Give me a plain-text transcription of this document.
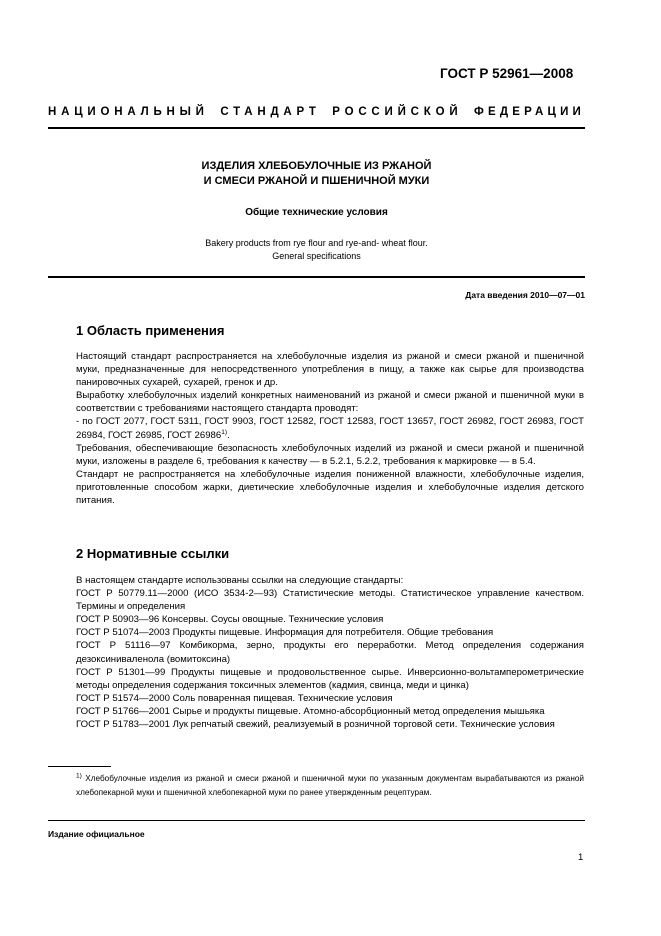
ГОСТ Р 52961—2008
НАЦИОНАЛЬНЫЙ СТАНДАРТ РОССИЙСКОЙ ФЕДЕРАЦИИ
ИЗДЕЛИЯ ХЛЕБОБУЛОЧНЫЕ ИЗ РЖАНОЙ
И СМЕСИ РЖАНОЙ И ПШЕНИЧНОЙ МУКИ
Общие технические условия
Bakery products from rye flour and rye-and- wheat flour.
General specifications
Дата введения 2010—07—01
1 Область применения

Настоящий стандарт распространяется на хлебобулочные изделия из ржаной и смеси ржаной и пшеничной муки, предназначенные для непосредственного употребления в пищу, а также как сырье для производства панировочных сухарей, сухарей, гренок и др.

Выработку хлебобулочных изделий конкретных наименований из ржаной и смеси ржаной и пшеничной муки в соответствии с требованиями настоящего стандарта проводят:

- по ГОСТ 2077, ГОСТ 5311, ГОСТ 9903, ГОСТ 12582, ГОСТ 12583, ГОСТ 13657, ГОСТ 26982, ГОСТ 26983, ГОСТ 26984, ГОСТ 26985, ГОСТ 26986$^{1)}$.

Требования, обеспечивающие безопасность хлебобулочных изделий из ржаной и смеси ржаной и пшеничной муки, изложены в разделе 6, требования к качеству — в 5.2.1, 5.2.2, требования к маркировке — в 5.4.

Стандарт не распространяется на хлебобулочные изделия пониженной влажности, хлебобулочные изделия, приготовленные способом жарки, диетические хлебобулочные изделия и хлебобулочные изделия детского питания.

2 Нормативные ссылки

В настоящем стандарте использованы ссылки на следующие стандарты:

ГОСТ Р 50779.11—2000 (ИСО 3534-2—93) Статистические методы. Статистическое управление качеством. Термины и определения

ГОСТ Р 50903—96 Консервы. Соусы овощные. Технические условия

ГОСТ Р 51074—2003 Продукты пищевые. Информация для потребителя. Общие требования

ГОСТ Р 51116—97 Комбикорма, зерно, продукты его переработки. Метод определения содержания дезоксиниваленола (вомитоксина)

ГОСТ Р 51301—99 Продукты пищевые и продовольственное сырье. Инверсионно-вольтамперометрические методы определения содержания токсичных элементов (кадмия, свинца, меди и цинка)

ГОСТ Р 51574—2000 Соль поваренная пищевая. Технические условия

ГОСТ Р 51766—2001 Сырье и продукты пищевые. Атомно-абсорбционный метод определения мышьяка

ГОСТ Р 51783—2001 Лук репчатый свежий, реализуемый в розничной торговой сети. Технические условия

$^{1)}$ Хлебобулочные изделия из ржаной и смеси ржаной и пшеничной муки по указанным документам вырабатываются из ржаной хлебопекарной муки и пшеничной хлебопекарной муки по ранее утвержденным рецептурам.
Издание официальное
1
